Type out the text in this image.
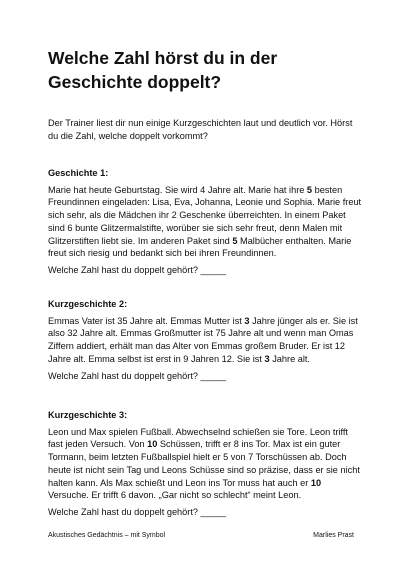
Welche Zahl hörst du in der Geschichte doppelt?

Der Trainer liest dir nun einige Kurzgeschichten laut und deutlich vor. Hörst du die Zahl, welche doppelt vorkommt?

Geschichte 1:

Marie hat heute Geburtstag. Sie wird 4 Jahre alt. Marie hat ihre 5 besten Freundinnen eingeladen: Lisa, Eva, Johanna, Leonie und Sophia. Marie freut sich sehr, als die Mädchen ihr 2 Geschenke überreichten. In einem Paket sind 6 bunte Glitzermalstifte, worüber sie sich sehr freut, denn Malen mit Glitzerstiften liebt sie. Im anderen Paket sind 5 Malbücher enthalten. Marie freut sich riesig und bedankt sich bei ihren Freundinnen.

Welche Zahl hast du doppelt gehört? _____

Kurzgeschichte 2:

Emmas Vater ist 35 Jahre alt. Emmas Mutter ist 3 Jahre jünger als er. Sie ist also 32 Jahre alt. Emmas Großmutter ist 75 Jahre alt und wenn man Omas Ziffern addiert, erhält man das Alter von Emmas großem Bruder. Er ist 12 Jahre alt. Emma selbst ist erst in 9 Jahren 12. Sie ist 3 Jahre alt.

Welche Zahl hast du doppelt gehört? _____

Kurzgeschichte 3:

Leon und Max spielen Fußball. Abwechselnd schießen sie Tore. Leon trifft fast jeden Versuch. Von 10 Schüssen, trifft er 8 ins Tor. Max ist ein guter Tormann, beim letzten Fußballspiel hielt er 5 von 7 Torschüssen ab. Doch heute ist nicht sein Tag und Leons Schüsse sind so präzise, dass er sie nicht halten kann. Als Max schießt und Leon ins Tor muss hat auch er 10 Versuche. Er trifft 6 davon. „Gar nicht so schlecht“ meint Leon.

Welche Zahl hast du doppelt gehört? _____

Akustisches Gedächtnis – mit Symbol	Marlies Prast
